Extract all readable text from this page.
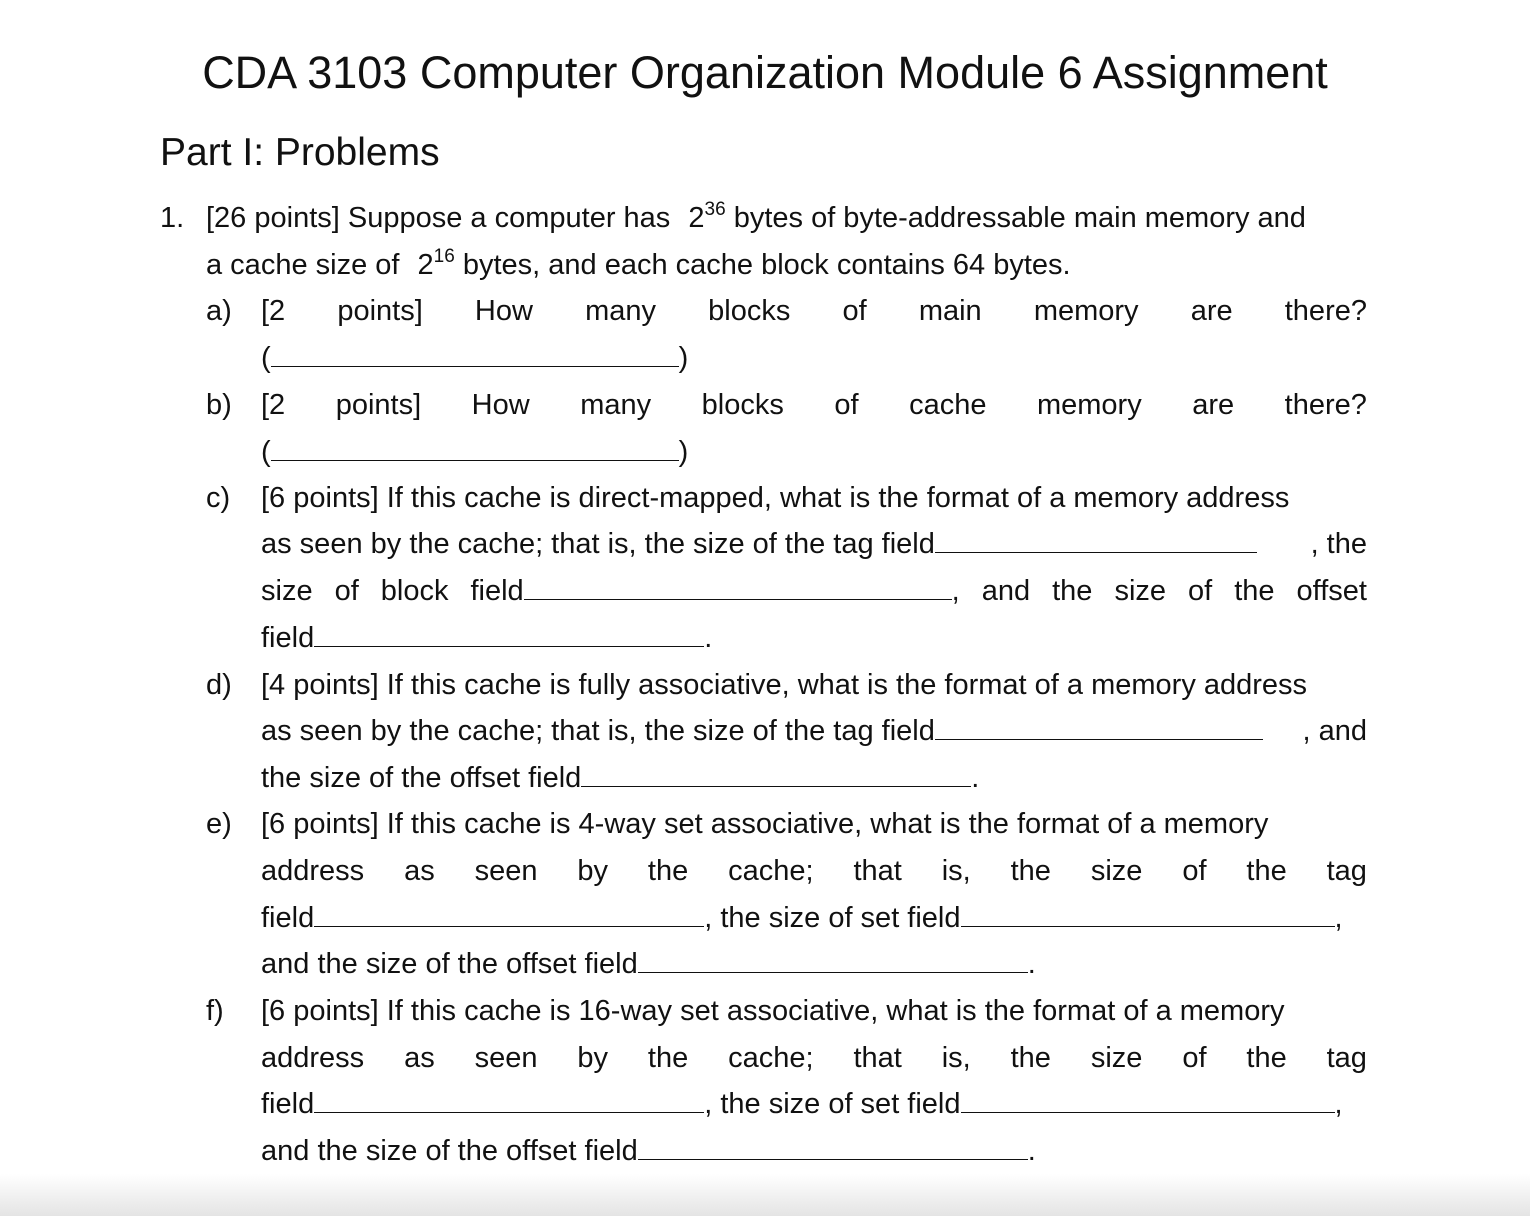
CDA 3103 Computer Organization Module 6 Assignment
Part I: Problems
1. [26 points] Suppose a computer has $2^{36}$ bytes of byte-addressable main memory and
a cache size of $2^{16}$ bytes, and each cache block contains 64 bytes.
a) [2 points] How many blocks of main memory are there?
(	)
b) [2 points] How many blocks of cache memory are there?
(	)
c) [6 points] If this cache is direct-mapped, what is the format of a memory address
as seen by the cache; that is, the size of the tag field	, the
size of block field	, and the size of the offset
field	.
d) [4 points] If this cache is fully associative, what is the format of a memory address
as seen by the cache; that is, the size of the tag field	, and
the size of the offset field	.
e) [6 points] If this cache is 4-way set associative, what is the format of a memory
address as seen by the cache; that is, the size of the tag
field	, the size of set field	,
and the size of the offset field	.
f) [6 points] If this cache is 16-way set associative, what is the format of a memory
address as seen by the cache; that is, the size of the tag
field	, the size of set field	,
and the size of the offset field	.
